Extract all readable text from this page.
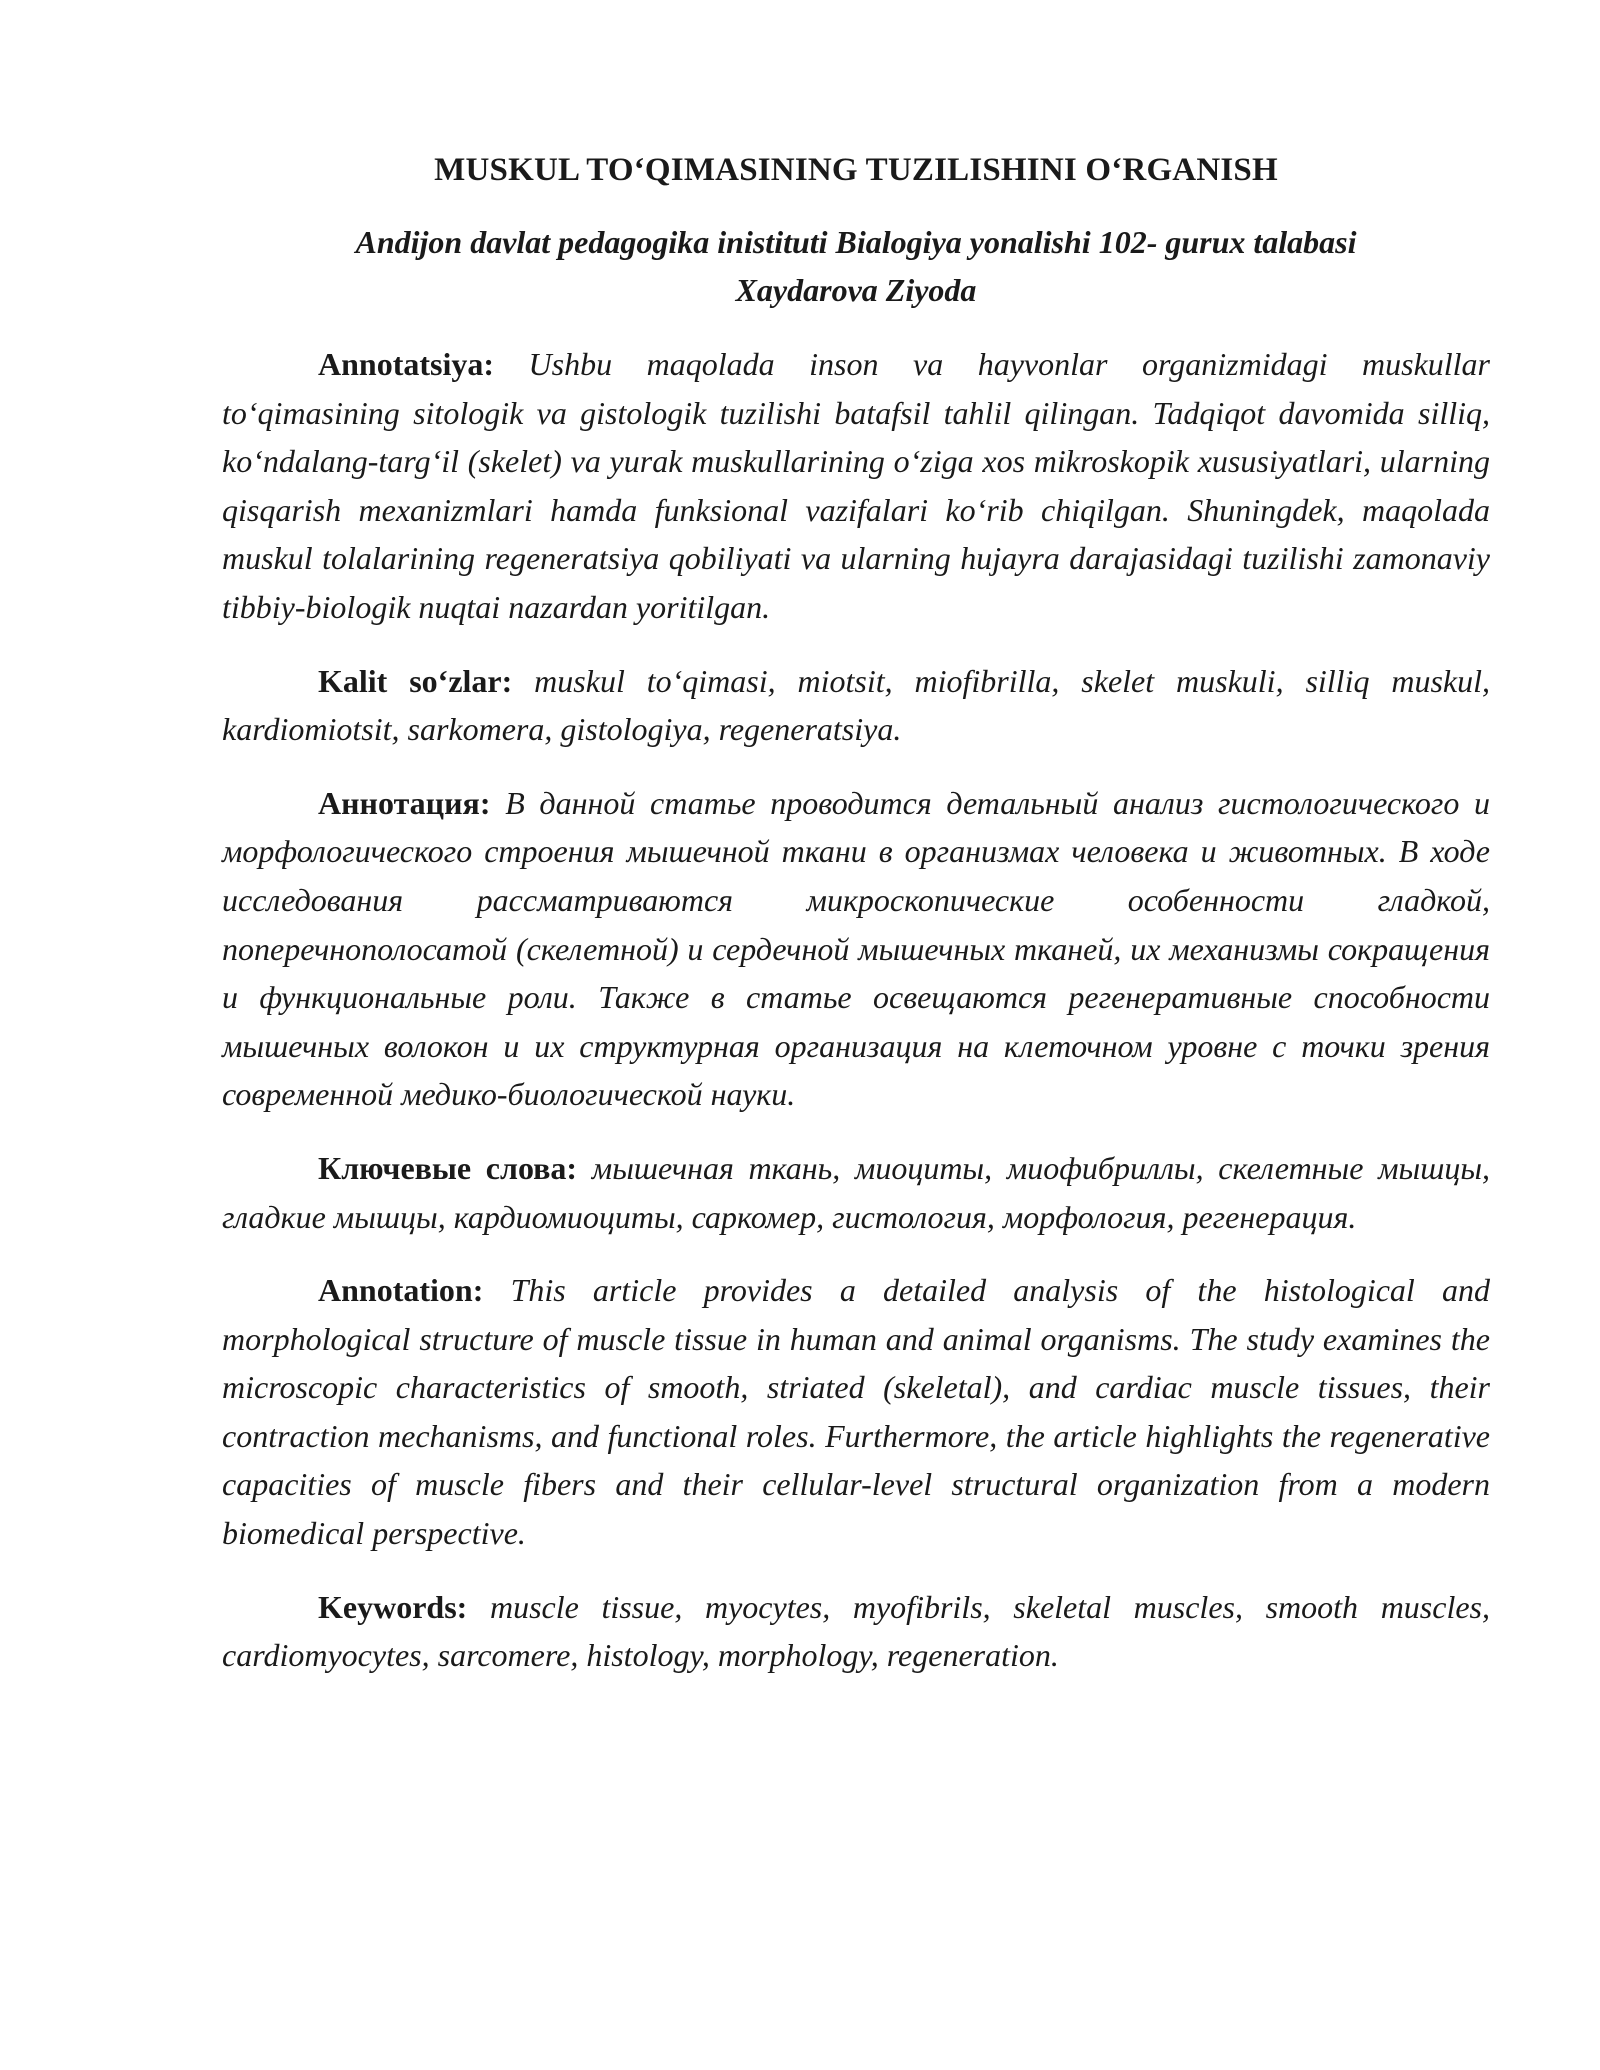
MUSKUL TO‘QIMASINING TUZILISHINI O‘RGANISH
Andijon davlat pedagogika inistituti Bialogiya yonalishi 102- gurux talabasi
Xaydarova Ziyoda

Annotatsiya: Ushbu maqolada inson va hayvonlar organizmidagi muskullar to‘qimasining sitologik va gistologik tuzilishi batafsil tahlil qilingan. Tadqiqot davomida silliq, ko‘ndalang-targ‘il (skelet) va yurak muskullarining o‘ziga xos mikroskopik xususiyatlari, ularning qisqarish mexanizmlari hamda funksional vazifalari ko‘rib chiqilgan. Shuningdek, maqolada muskul tolalarining regeneratsiya qobiliyati va ularning hujayra darajasidagi tuzilishi zamonaviy tibbiy-biologik nuqtai nazardan yoritilgan.

Kalit so‘zlar: muskul to‘qimasi, miotsit, miofibrilla, skelet muskuli, silliq muskul, kardiomiotsit, sarkomera, gistologiya, regeneratsiya.

Аннотация: В данной статье проводится детальный анализ гистологического и морфологического строения мышечной ткани в организмах человека и животных. В ходе исследования рассматриваются микроскопические особенности гладкой, поперечнополосатой (скелетной) и сердечной мышечных тканей, их механизмы сокращения и функциональные роли. Также в статье освещаются регенеративные способности мышечных волокон и их структурная организация на клеточном уровне с точки зрения современной медико-биологической науки.

Ключевые слова: мышечная ткань, миоциты, миофибриллы, скелетные мышцы, гладкие мышцы, кардиомиоциты, саркомер, гистология, морфология, регенерация.

Annotation: This article provides a detailed analysis of the histological and morphological structure of muscle tissue in human and animal organisms. The study examines the microscopic characteristics of smooth, striated (skeletal), and cardiac muscle tissues, their contraction mechanisms, and functional roles. Furthermore, the article highlights the regenerative capacities of muscle fibers and their cellular-level structural organization from a modern biomedical perspective.

Keywords: muscle tissue, myocytes, myofibrils, skeletal muscles, smooth muscles, cardiomyocytes, sarcomere, histology, morphology, regeneration.
